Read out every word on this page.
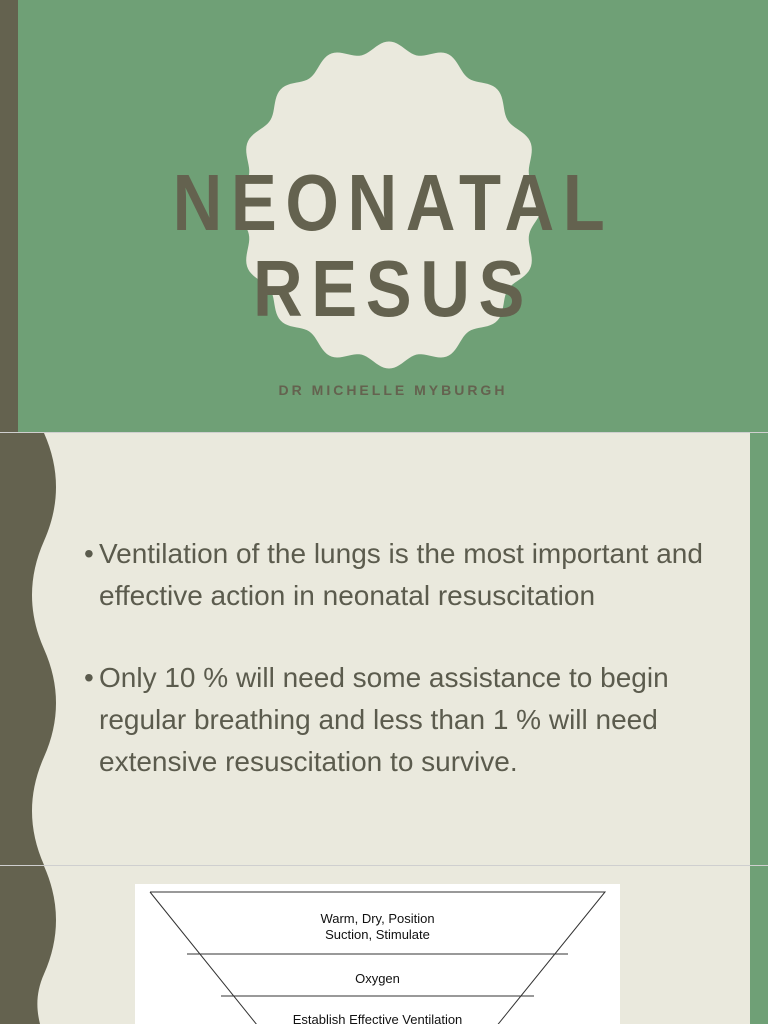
NEONATAL RESUS
DR MICHELLE MYBURGH
• Ventilation of the lungs is the most important and effective action in neonatal resuscitation
• Only 10 % will need some assistance to begin regular breathing and less than 1 % will need extensive resuscitation to survive.
Warm, Dry, Position
Suction, Stimulate
Oxygen
Establish Effective Ventilation
